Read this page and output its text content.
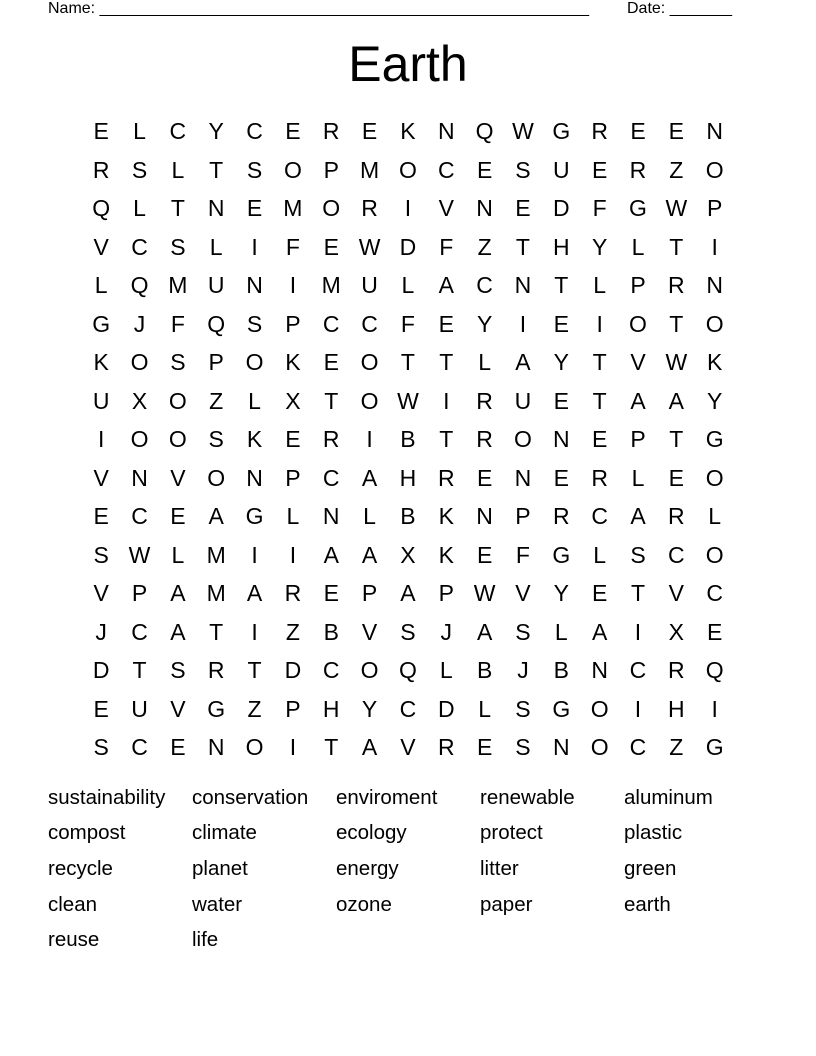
Name: _______________________________________________________ Date: _______
Earth
E	L	C Y C E R E	K N Q W G R E	E N
R S	L	T	S O P M O C E	S U E R	Z O
Q	L	T	N E M O R	I	V N E D	F G W P
V C S	L	I	F	E W D	F	Z	T	H Y	L	T	I
L	Q M U N	I	M U	L	A C N	T	L	P R N
G	J	F Q S	P C C	F	E	Y	I	E	I	O T O
K O S	P O K	E O T	T	L	A	Y	T	V W K
U X O Z	L	X	T O W	I	R U E	T	A	A	Y
I	O O S	K	E R	I	B	T	R O N E	P	T G
V N V O N P C A H R E N E R	L	E O
E C E	A G	L	N	L	B	K N P R C A R	L
S W L M	I	I	A	A	X	K	E	F G	L	S C O
V	P	A M A R E	P	A	P W V	Y	E	T	V C
J	C A	T	I	Z	B	V	S	J	A	S	L	A	I	X	E
D	T	S R	T	D C O Q	L	B	J	B N C R Q
E U V G Z	P H Y C D	L	S G O	I	H	I
S C E N O	I	T	A	V R E	S N O C	Z G
sustainability	conservation	enviroment	renewable	aluminum
compost	climate	ecology	protect	plastic
recycle	planet	energy	litter	green
clean	water	ozone	paper	earth
reuse	life
